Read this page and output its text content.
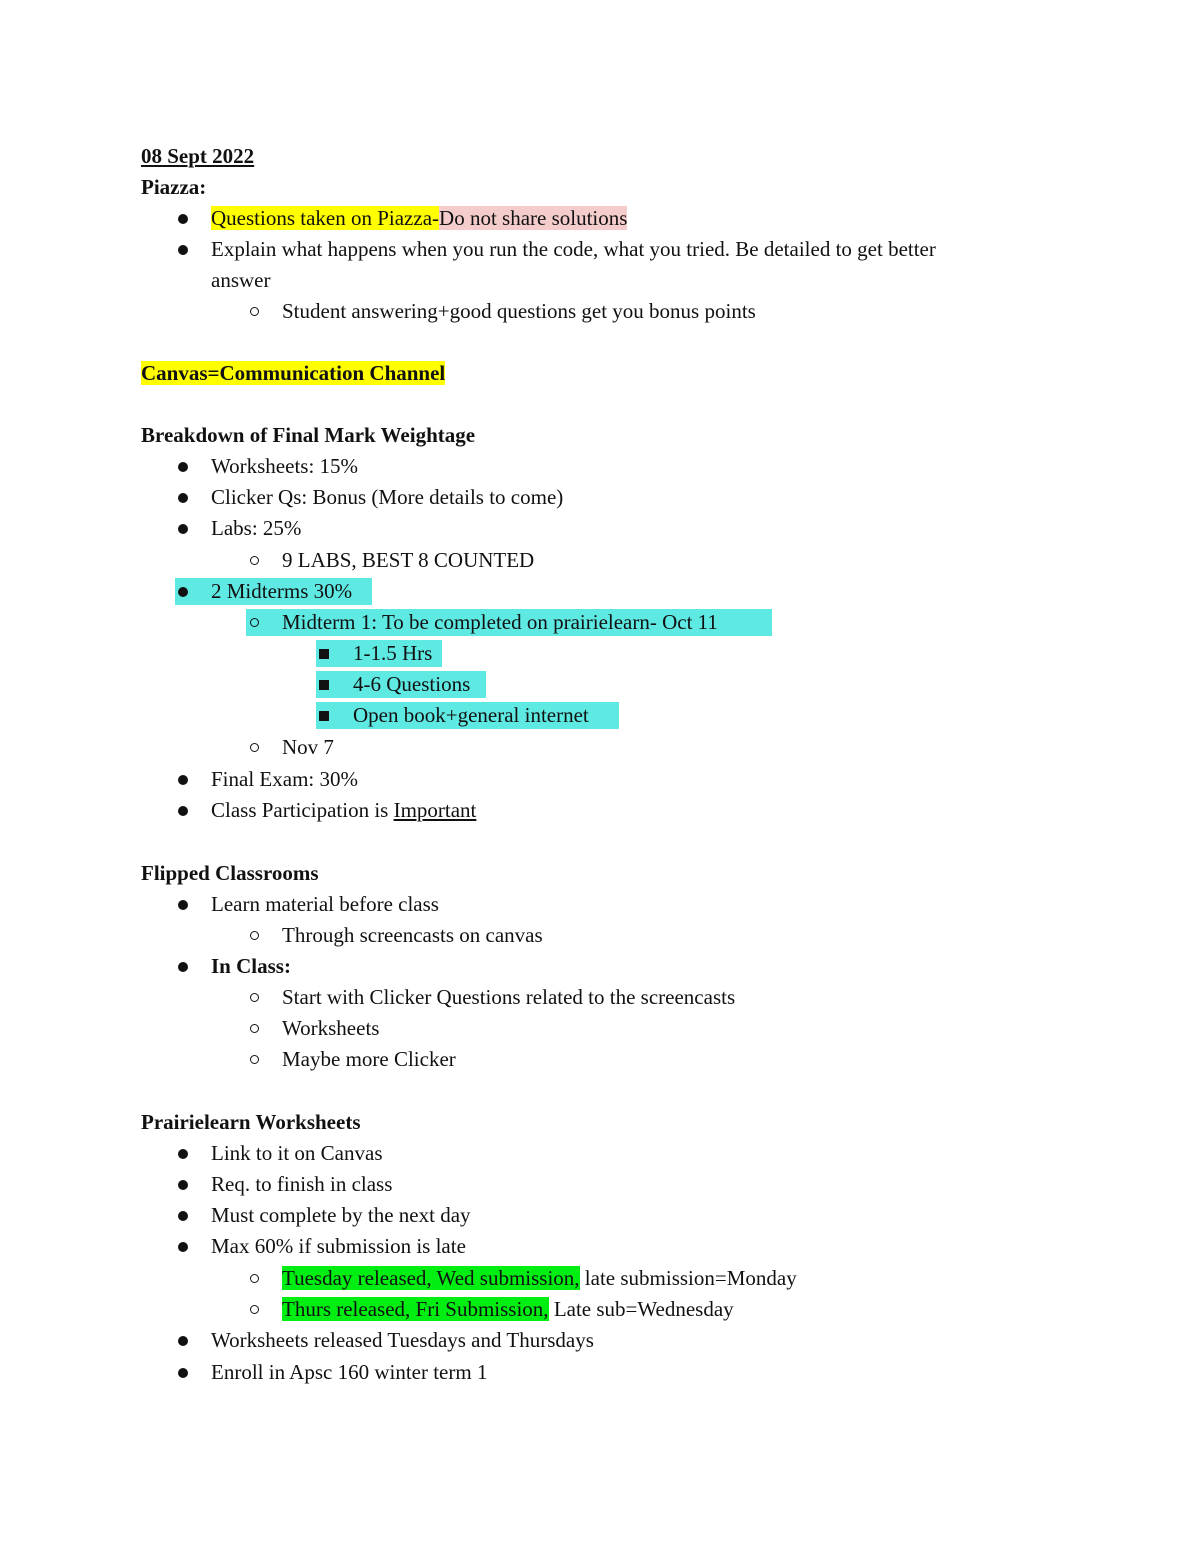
08 Sept 2022
Piazza:
Questions taken on Piazza-Do not share solutions
Explain what happens when you run the code, what you tried. Be detailed to get better
answer
Student answering+good questions get you bonus points
Canvas=Communication Channel
Breakdown of Final Mark Weightage
Worksheets: 15%
Clicker Qs: Bonus (More details to come)
Labs: 25%
9 LABS, BEST 8 COUNTED
2 Midterms 30%
Midterm 1: To be completed on prairielearn- Oct 11
1-1.5 Hrs
4-6 Questions
Open book+general internet
Nov 7
Final Exam: 30%
Class Participation is Important
Flipped Classrooms
Learn material before class
Through screencasts on canvas
In Class:
Start with Clicker Questions related to the screencasts
Worksheets
Maybe more Clicker
Prairielearn Worksheets
Link to it on Canvas
Req. to finish in class
Must complete by the next day
Max 60% if submission is late
Tuesday released, Wed submission, late submission=Monday
Thurs released, Fri Submission, Late sub=Wednesday
Worksheets released Tuesdays and Thursdays
Enroll in Apsc 160 winter term 1
